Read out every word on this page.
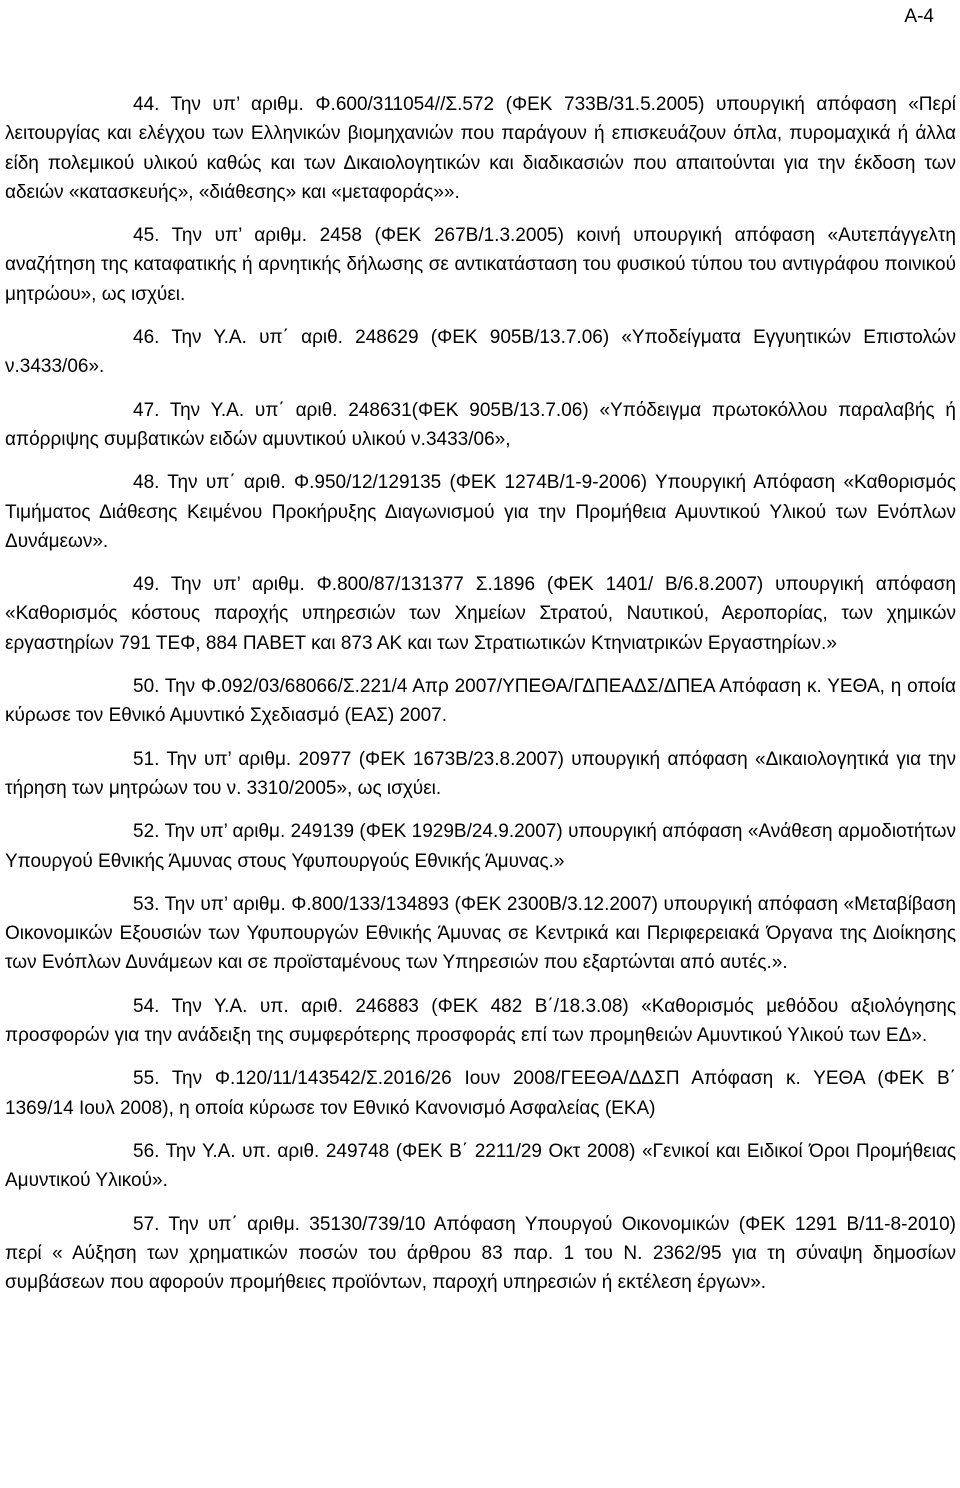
A-4

44. Την υπ’ αριθμ. Φ.600/311054//Σ.572 (ΦΕΚ 733Β/31.5.2005) υπουργική απόφαση «Περί λειτουργίας και ελέγχου των Ελληνικών βιομηχανιών που παράγουν ή επισκευάζουν όπλα, πυρομαχικά ή άλλα είδη πολεμικού υλικού καθώς και των Δικαιολογητικών και διαδικασιών που απαιτούνται για την έκδοση των αδειών «κατασκευής», «διάθεσης» και «μεταφοράς»».

45. Την υπ’ αριθμ. 2458 (ΦΕΚ 267Β/1.3.2005) κοινή υπουργική απόφαση «Αυτεπάγγελτη αναζήτηση της καταφατικής ή αρνητικής δήλωσης σε αντικατάσταση του φυσικού τύπου του αντιγράφου ποινικού μητρώου», ως ισχύει.

46. Την Υ.Α. υπ΄ αριθ. 248629 (ΦΕΚ 905Β/13.7.06) «Υποδείγματα Εγγυητικών Επιστολών ν.3433/06».

47. Την Υ.Α. υπ΄ αριθ. 248631(ΦΕΚ 905Β/13.7.06) «Υπόδειγμα πρωτοκόλλου παραλαβής ή απόρριψης συμβατικών ειδών αμυντικού υλικού ν.3433/06»,

48. Την υπ΄ αριθ. Φ.950/12/129135 (ΦΕΚ 1274Β/1-9-2006) Υπουργική Απόφαση «Καθορισμός Τιμήματος Διάθεσης Κειμένου Προκήρυξης Διαγωνισμού για την Προμήθεια Αμυντικού Υλικού των Ενόπλων Δυνάμεων».

49. Την υπ’ αριθμ. Φ.800/87/131377 Σ.1896 (ΦΕΚ 1401/ Β/6.8.2007) υπουργική απόφαση «Καθορισμός κόστους παροχής υπηρεσιών των Χημείων Στρατού, Ναυτικού, Αεροπορίας, των χημικών εργαστηρίων 791 ΤΕΦ, 884 ΠΑΒΕΤ και 873 ΑΚ και των Στρατιωτικών Κτηνιατρικών Εργαστηρίων.»

50. Την Φ.092/03/68066/Σ.221/4 Απρ 2007/ΥΠΕΘΑ/ΓΔΠΕΑΔΣ/ΔΠΕΑ Απόφαση κ. ΥΕΘΑ, η οποία κύρωσε τον Εθνικό Αμυντικό Σχεδιασμό (ΕΑΣ) 2007.

51. Την υπ’ αριθμ. 20977 (ΦΕΚ 1673Β/23.8.2007) υπουργική απόφαση «Δικαιολογητικά για την τήρηση των μητρώων του ν. 3310/2005», ως ισχύει.

52. Την υπ’ αριθμ. 249139 (ΦΕΚ 1929Β/24.9.2007) υπουργική απόφαση «Ανάθεση αρμοδιοτήτων Υπουργού Εθνικής Άμυνας στους Υφυπουργούς Εθνικής Άμυνας.»

53. Την υπ’ αριθμ. Φ.800/133/134893 (ΦΕΚ 2300Β/3.12.2007) υπουργική απόφαση «Μεταβίβαση Οικονομικών Εξουσιών των Υφυπουργών Εθνικής Άμυνας σε Κεντρικά και Περιφερειακά Όργανα της Διοίκησης των Ενόπλων Δυνάμεων και σε προϊσταμένους των Υπηρεσιών που εξαρτώνται από αυτές.».

54. Την Υ.Α. υπ. αριθ. 246883 (ΦΕΚ 482 Β΄/18.3.08) «Καθορισμός μεθόδου αξιολόγησης προσφορών για την ανάδειξη της συμφερότερης προσφοράς επί των προμηθειών Αμυντικού Υλικού των ΕΔ».

55. Την Φ.120/11/143542/Σ.2016/26 Ιουν 2008/ΓΕΕΘΑ/ΔΔΣΠ Απόφαση κ. ΥΕΘΑ (ΦΕΚ Β΄ 1369/14 Ιουλ 2008), η οποία κύρωσε τον Εθνικό Κανονισμό Ασφαλείας (ΕΚΑ)

56. Την Υ.Α. υπ. αριθ. 249748 (ΦΕΚ Β΄ 2211/29 Οκτ 2008) «Γενικοί και Ειδικοί Όροι Προμήθειας Αμυντικού Υλικού».

57. Την υπ΄ αριθμ. 35130/739/10 Απόφαση Υπουργού Οικονομικών (ΦΕΚ 1291 Β/11-8-2010) περί « Αύξηση των χρηματικών ποσών του άρθρου 83 παρ. 1 του Ν. 2362/95 για τη σύναψη δημοσίων συμβάσεων που αφορούν προμήθειες προϊόντων, παροχή υπηρεσιών ή εκτέλεση έργων».
